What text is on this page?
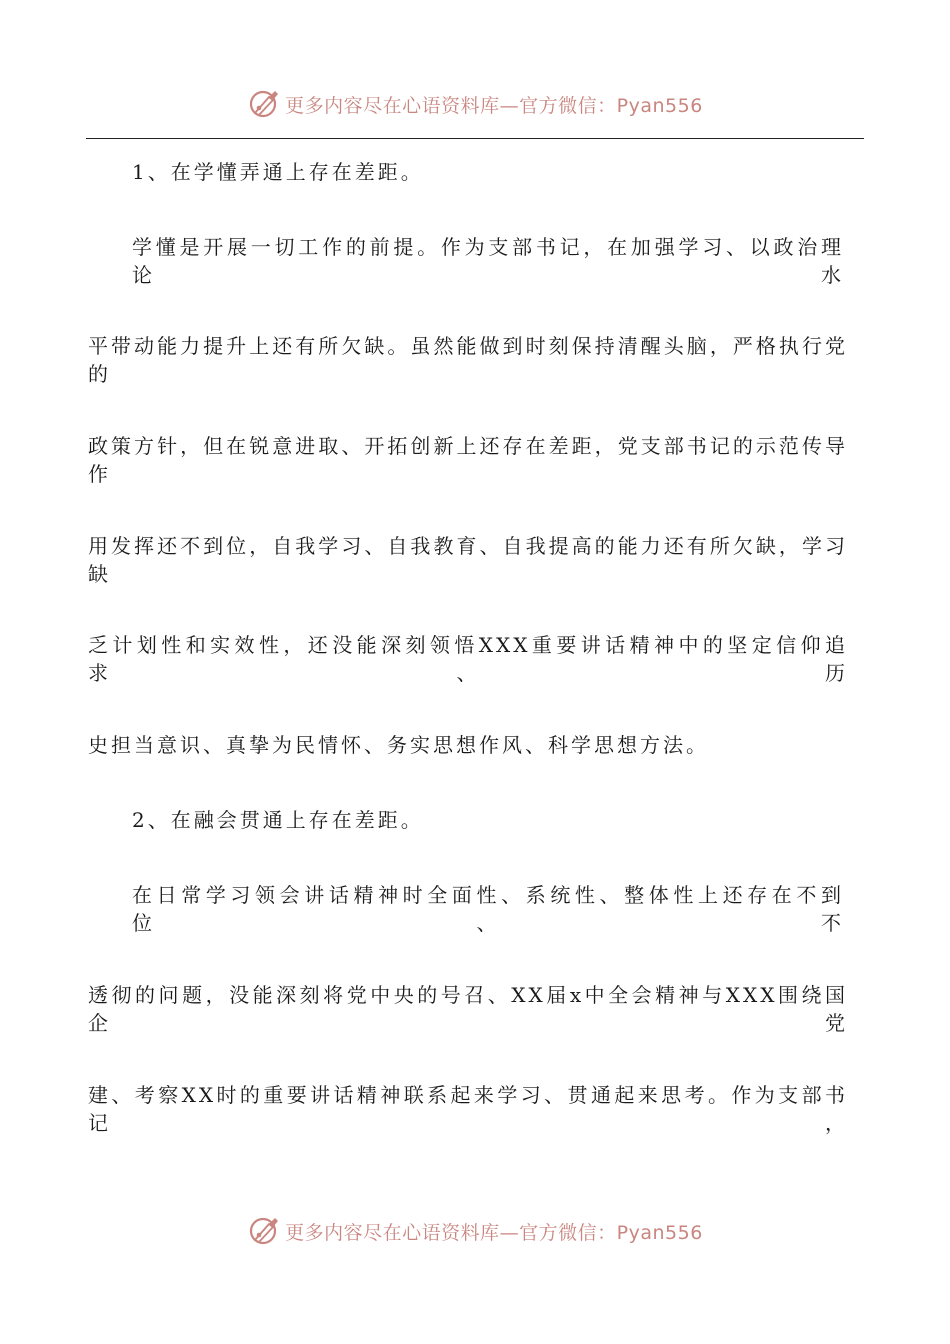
更多内容尽在心语资料库—官方微信：Pyan556
1、在学懂弄通上存在差距。
学懂是开展一切工作的前提。作为支部书记，在加强学习、以政治理论水
平带动能力提升上还有所欠缺。虽然能做到时刻保持清醒头脑，严格执行党的
政策方针，但在锐意进取、开拓创新上还存在差距，党支部书记的示范传导作
用发挥还不到位，自我学习、自我教育、自我提高的能力还有所欠缺，学习缺
乏计划性和实效性，还没能深刻领悟XXX重要讲话精神中的坚定信仰追求、历
史担当意识、真挚为民情怀、务实思想作风、科学思想方法。
2、在融会贯通上存在差距。
在日常学习领会讲话精神时全面性、系统性、整体性上还存在不到位、不
透彻的问题，没能深刻将党中央的号召、XX届x中全会精神与XXX围绕国企党
建、考察XX时的重要讲话精神联系起来学习、贯通起来思考。作为支部书记，
更多内容尽在心语资料库—官方微信：Pyan556
